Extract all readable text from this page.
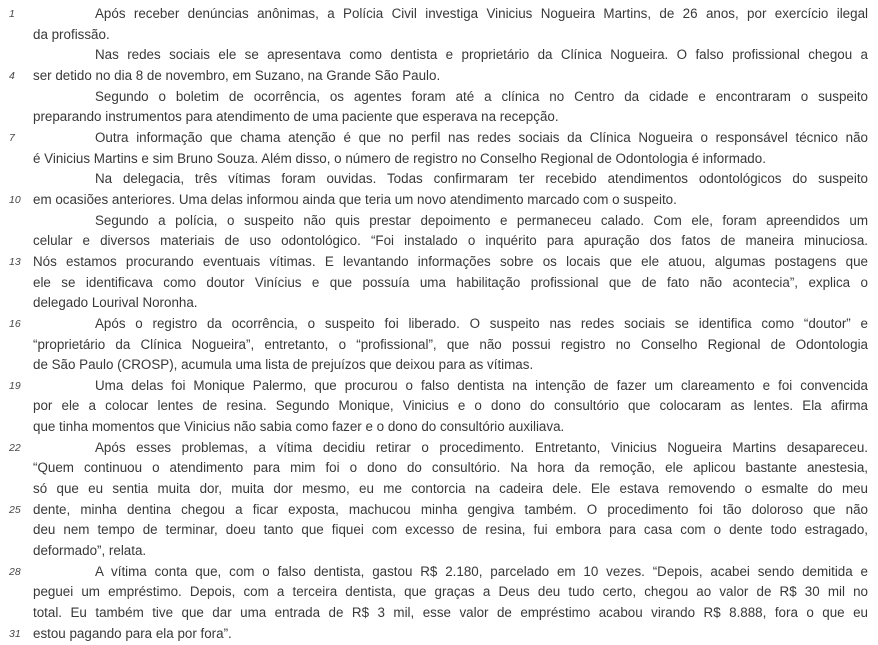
1	Após receber denúncias anônimas, a Polícia Civil investiga Vinicius Nogueira Martins, de 26 anos, por exercício ilegal
da profissão.
Nas redes sociais ele se apresentava como dentista e proprietário da Clínica Nogueira. O falso profissional chegou a
4	ser detido no dia 8 de novembro, em Suzano, na Grande São Paulo.
Segundo o boletim de ocorrência, os agentes foram até a clínica no Centro da cidade e encontraram o suspeito
preparando instrumentos para atendimento de uma paciente que esperava na recepção.
7	Outra informação que chama atenção é que no perfil nas redes sociais da Clínica Nogueira o responsável técnico não
é Vinicius Martins e sim Bruno Souza. Além disso, o número de registro no Conselho Regional de Odontologia é informado.
Na delegacia, três vítimas foram ouvidas. Todas confirmaram ter recebido atendimentos odontológicos do suspeito
10 em ocasiões anteriores. Uma delas informou ainda que teria um novo atendimento marcado com o suspeito.
Segundo a polícia, o suspeito não quis prestar depoimento e permaneceu calado. Com ele, foram apreendidos um
celular e diversos materiais de uso odontológico. “Foi instalado o inquérito para apuração dos fatos de maneira minuciosa.
13 Nós estamos procurando eventuais vítimas. E levantando informações sobre os locais que ele atuou, algumas postagens que
ele se identificava como doutor Vinícius e que possuía uma habilitação profissional que de fato não acontecia”, explica o
delegado Lourival Noronha.
16	Após o registro da ocorrência, o suspeito foi liberado. O suspeito nas redes sociais se identifica como “doutor” e
“proprietário da Clínica Nogueira”, entretanto, o “profissional”, que não possui registro no Conselho Regional de Odontologia
de São Paulo (CROSP), acumula uma lista de prejuízos que deixou para as vítimas.
19	Uma delas foi Monique Palermo, que procurou o falso dentista na intenção de fazer um clareamento e foi convencida
por ele a colocar lentes de resina. Segundo Monique, Vinicius e o dono do consultório que colocaram as lentes. Ela afirma
que tinha momentos que Vinicius não sabia como fazer e o dono do consultório auxiliava.
22	Após esses problemas, a vítima decidiu retirar o procedimento. Entretanto, Vinicius Nogueira Martins desapareceu.
“Quem continuou o atendimento para mim foi o dono do consultório. Na hora da remoção, ele aplicou bastante anestesia,
só que eu sentia muita dor, muita dor mesmo, eu me contorcia na cadeira dele. Ele estava removendo o esmalte do meu
25 dente, minha dentina chegou a ficar exposta, machucou minha gengiva também. O procedimento foi tão doloroso que não
deu nem tempo de terminar, doeu tanto que fiquei com excesso de resina, fui embora para casa com o dente todo estragado,
deformado”, relata.
28	A vítima conta que, com o falso dentista, gastou R$ 2.180, parcelado em 10 vezes. “Depois, acabei sendo demitida e
peguei um empréstimo. Depois, com a terceira dentista, que graças a Deus deu tudo certo, chegou ao valor de R$ 30 mil no
total. Eu também tive que dar uma entrada de R$ 3 mil, esse valor de empréstimo acabou virando R$ 8.888, fora o que eu
31 estou pagando para ela por fora”.
